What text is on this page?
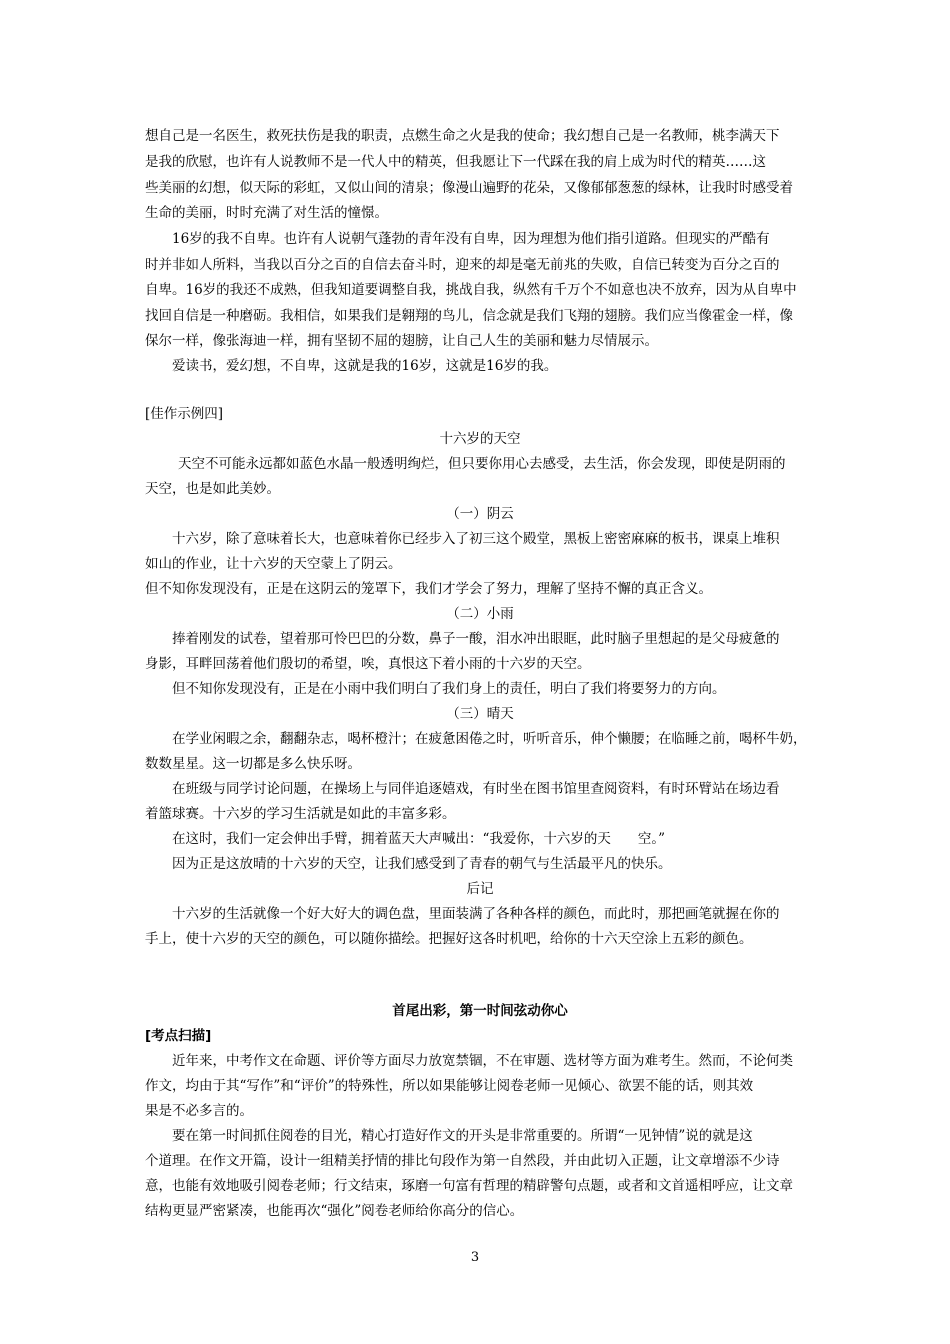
想自己是一名医生，救死扶伤是我的职责，点燃生命之火是我的使命；我幻想自己是一名教师，桃李满天下
是我的欣慰，也许有人说教师不是一代人中的精英，但我愿让下一代踩在我的肩上成为时代的精英……这
些美丽的幻想，似天际的彩虹，又似山间的清泉；像漫山遍野的花朵，又像郁郁葱葱的绿林，让我时时感受着
生命的美丽，时时充满了对生活的憧憬。
16岁的我不自卑。也许有人说朝气蓬勃的青年没有自卑，因为理想为他们指引道路。但现实的严酷有
时并非如人所料，当我以百分之百的自信去奋斗时，迎来的却是毫无前兆的失败，自信已转变为百分之百的
自卑。16岁的我还不成熟，但我知道要调整自我，挑战自我，纵然有千万个不如意也决不放弃，因为从自卑中
找回自信是一种磨砺。我相信，如果我们是翱翔的鸟儿，信念就是我们飞翔的翅膀。我们应当像霍金一样，像
保尔一样，像张海迪一样，拥有坚韧不屈的翅膀，让自己人生的美丽和魅力尽情展示。
爱读书，爱幻想，不自卑，这就是我的16岁，这就是16岁的我。
[佳作示例四]
十六岁的天空
天空不可能永远都如蓝色水晶一般透明绚烂，但只要你用心去感受，去生活，你会发现，即使是阴雨的
天空，也是如此美妙。
（一）阴云
十六岁，除了意味着长大，也意味着你已经步入了初三这个殿堂，黑板上密密麻麻的板书，课桌上堆积
如山的作业，让十六岁的天空蒙上了阴云。
但不知你发现没有，正是在这阴云的笼罩下，我们才学会了努力，理解了坚持不懈的真正含义。
（二）小雨
捧着刚发的试卷，望着那可怜巴巴的分数，鼻子一酸，泪水冲出眼眶，此时脑子里想起的是父母疲惫的
身影，耳畔回荡着他们殷切的希望，唉，真恨这下着小雨的十六岁的天空。
但不知你发现没有，正是在小雨中我们明白了我们身上的责任，明白了我们将要努力的方向。
（三）晴天
在学业闲暇之余，翻翻杂志，喝杯橙汁；在疲惫困倦之时，听听音乐，伸个懒腰；在临睡之前，喝杯牛奶，
数数星星。这一切都是多么快乐呀。
在班级与同学讨论问题，在操场上与同伴追逐嬉戏，有时坐在图书馆里查阅资料，有时环臂站在场边看
着篮球赛。十六岁的学习生活就是如此的丰富多彩。
在这时，我们一定会伸出手臂，拥着蓝天大声喊出：“我爱你，十六岁的天　　空。”
因为正是这放晴的十六岁的天空，让我们感受到了青春的朝气与生活最平凡的快乐。
后记
十六岁的生活就像一个好大好大的调色盘，里面装满了各种各样的颜色，而此时，那把画笔就握在你的
手上，使十六岁的天空的颜色，可以随你描绘。把握好这各时机吧，给你的十六天空涂上五彩的颜色。
首尾出彩，第一时间弦动你心
[考点扫描]
近年来，中考作文在命题、评价等方面尽力放宽禁锢，不在审题、选材等方面为难考生。然而，不论何类
作文，均由于其“写作”和“评价”的特殊性，所以如果能够让阅卷老师一见倾心、欲罢不能的话，则其效
果是不必多言的。
要在第一时间抓住阅卷的目光，精心打造好作文的开头是非常重要的。所谓“一见钟情”说的就是这
个道理。在作文开篇，设计一组精美抒情的排比句段作为第一自然段，并由此切入正题，让文章增添不少诗
意，也能有效地吸引阅卷老师；行文结束，琢磨一句富有哲理的精辟警句点题，或者和文首遥相呼应，让文章
结构更显严密紧凑，也能再次“强化”阅卷老师给你高分的信心。
3
